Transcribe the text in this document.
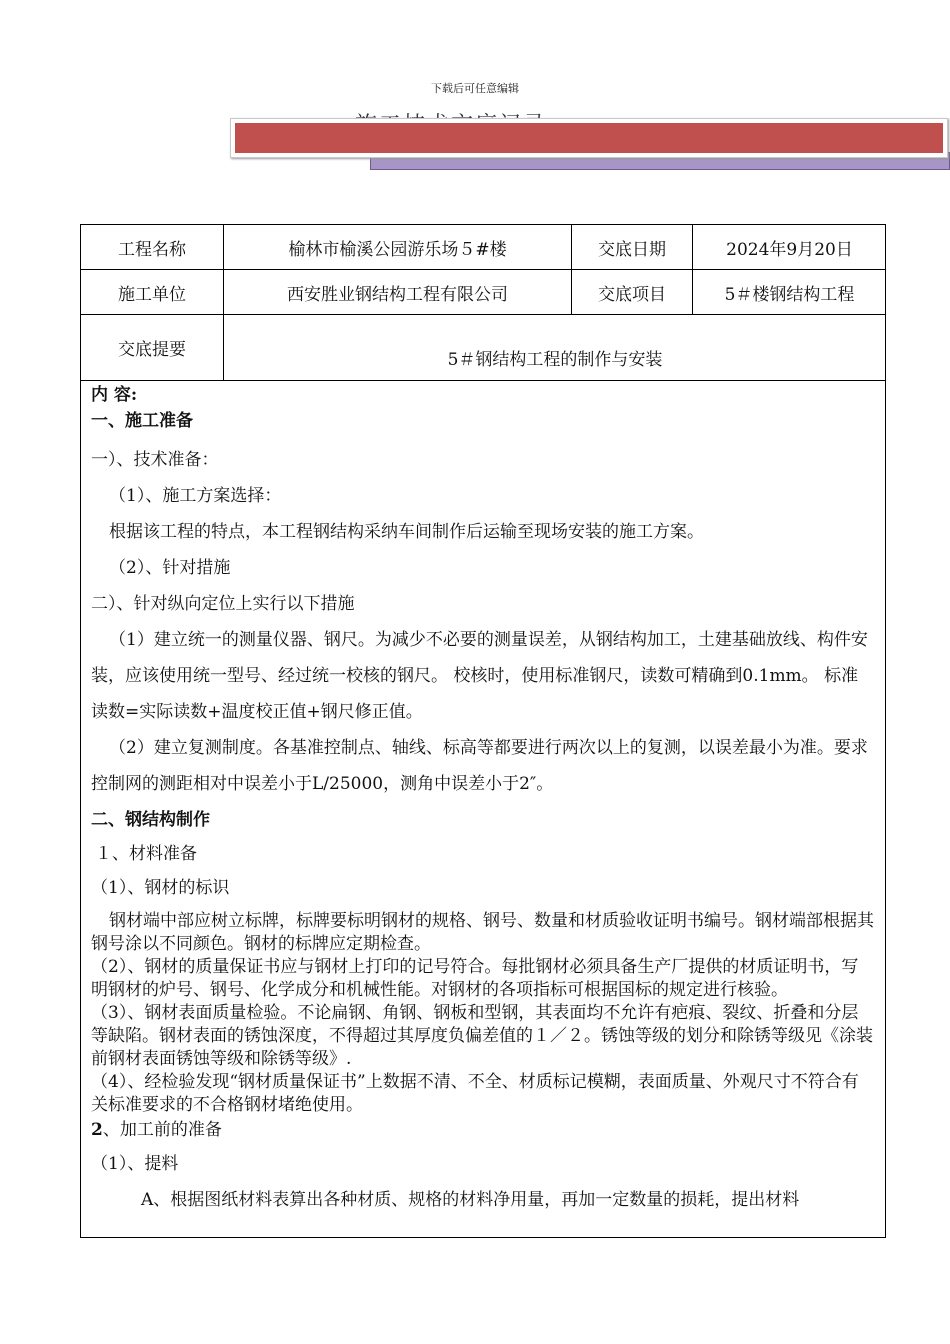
下载后可任意编辑
工程名称	榆林市榆溪公园游乐场５#楼	交底日期	2024年9月20日
施工单位	西安胜业钢结构工程有限公司	交底项目	5＃楼钢结构工程
交底提要	5＃钢结构工程的制作与安装		

内 容:

一、施工准备

一）、技术准备：

（1）、施工方案选择：

根据该工程的特点，本工程钢结构采纳车间制作后运输至现场安装的施工方案。

（2）、针对措施

二）、针对纵向定位上实行以下措施

（1）建立统一的测量仪器、钢尺。为减少不必要的测量误差，从钢结构加工，土建基础放线、构件安装，应该使用统一型号、经过统一校核的钢尺。 校核时，使用标准钢尺，读数可精确到0.1mm。 标准读数=实际读数+温度校正值+钢尺修正值。

（2）建立复测制度。各基准控制点、轴线、标高等都要进行两次以上的复测，以误差最小为准。要求控制网的测距相对中误差小于L/25000，测角中误差小于2″。

二、钢结构制作

１、材料准备

（1）、钢材的标识

钢材端中部应树立标牌，标牌要标明钢材的规格、钢号、数量和材质验收证明书编号。钢材端部根据其钢号涂以不同颜色。钢材的标牌应定期检查。

（2）、钢材的质量保证书应与钢材上打印的记号符合。每批钢材必须具备生产厂提供的材质证明书，写明钢材的炉号、钢号、化学成分和机械性能。对钢材的各项指标可根据国标的规定进行核验。

（3）、钢材表面质量检验。不论扁钢、角钢、钢板和型钢，其表面均不允许有疤痕、裂纹、折叠和分层等缺陷。钢材表面的锈蚀深度，不得超过其厚度负偏差值的１／２。锈蚀等级的划分和除锈等级见《涂装前钢材表面锈蚀等级和除锈等级》.

（4）、经检验发现“钢材质量保证书”上数据不清、不全、材质标记模糊，表面质量、外观尺寸不符合有关标准要求的不合格钢材堵绝使用。

2、加工前的准备

（1）、提料

A、根据图纸材料表算出各种材质、规格的材料净用量，再加一定数量的损耗，提出材料
